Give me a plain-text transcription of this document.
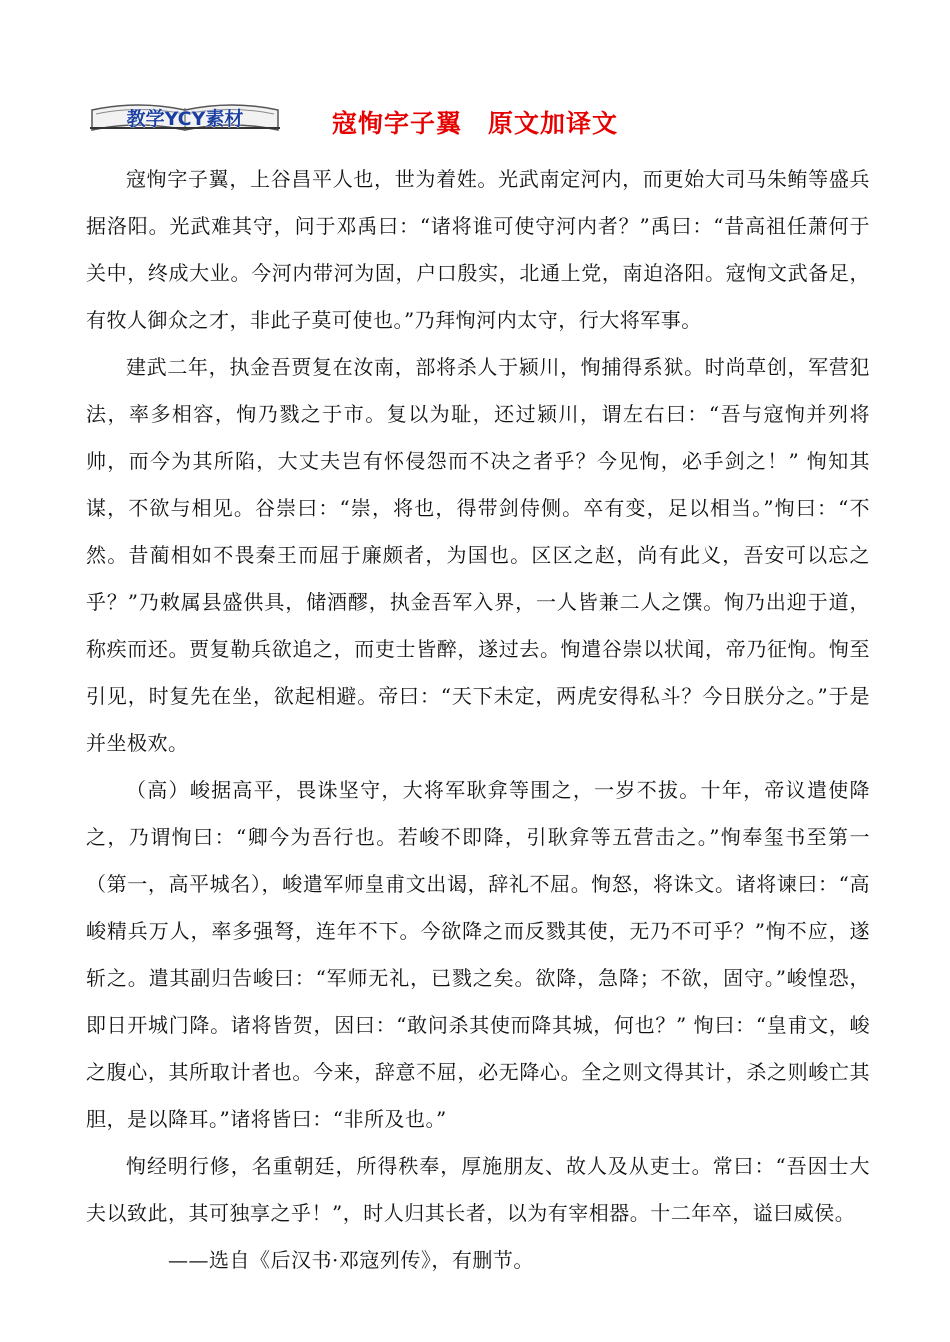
教学YCY素材	寇恂字子翼　原文加译文

寇恂字子翼，上谷昌平人也，世为着姓。光武南定河内，而更始大司马朱鲔等盛兵据洛阳。光武难其守，问于邓禹曰：“诸将谁可使守河内者？”禹曰：“昔高祖任萧何于关中，终成大业。今河内带河为固，户口殷实，北通上党，南迫洛阳。寇恂文武备足，有牧人御众之才，非此子莫可使也。”乃拜恂河内太守，行大将军事。

建武二年，执金吾贾复在汝南，部将杀人于颍川，恂捕得系狱。时尚草创，军营犯法，率多相容，恂乃戮之于市。复以为耻，还过颍川，谓左右曰：“吾与寇恂并列将帅，而今为其所陷，大丈夫岂有怀侵怨而不决之者乎？今见恂，必手剑之！” 恂知其谋，不欲与相见。谷崇曰：“崇，将也，得带剑侍侧。卒有变，足以相当。”恂曰：“不然。昔蔺相如不畏秦王而屈于廉颇者，为国也。区区之赵，尚有此义，吾安可以忘之乎？”乃敕属县盛供具，储酒醪，执金吾军入界，一人皆兼二人之馔。恂乃出迎于道，称疾而还。贾复勒兵欲追之，而吏士皆醉，遂过去。恂遣谷崇以状闻，帝乃征恂。恂至引见，时复先在坐，欲起相避。帝曰：“天下未定，两虎安得私斗？今日朕分之。”于是并坐极欢。

（高）峻据高平，畏诛坚守，大将军耿弇等围之，一岁不拔。十年，帝议遣使降之，乃谓恂曰：“卿今为吾行也。若峻不即降，引耿弇等五营击之。”恂奉玺书至第一（第一，高平城名），峻遣军师皇甫文出谒，辞礼不屈。恂怒，将诛文。诸将谏曰：“高峻精兵万人，率多强弩，连年不下。今欲降之而反戮其使，无乃不可乎？”恂不应，遂斩之。遣其副归告峻曰：“军师无礼，已戮之矣。欲降，急降；不欲，固守。”峻惶恐，即日开城门降。诸将皆贺，因曰：“敢问杀其使而降其城，何也？” 恂曰：“皇甫文，峻之腹心，其所取计者也。今来，辞意不屈，必无降心。全之则文得其计，杀之则峻亡其胆，是以降耳。”诸将皆曰：“非所及也。”

恂经明行修，名重朝廷，所得秩奉，厚施朋友、故人及从吏士。常曰：“吾因士大夫以致此，其可独享之乎！”，时人归其长者，以为有宰相器。十二年卒，谥曰威侯。

——选自《后汉书·邓寇列传》，有删节。
